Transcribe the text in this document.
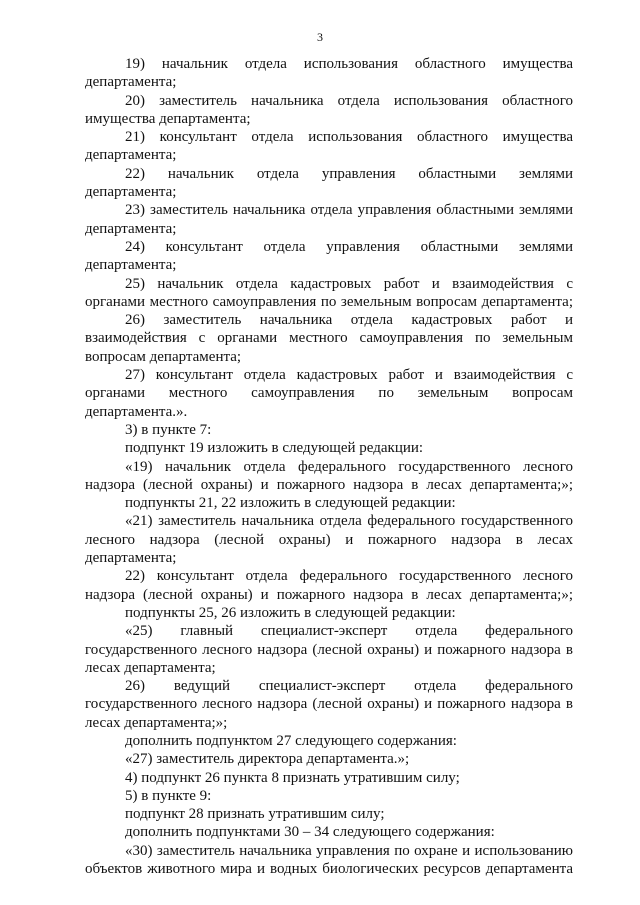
3
19) начальник отдела использования областного имущества
департамента;
20) заместитель начальника отдела использования областного
имущества департамента;
21) консультант отдела использования областного имущества
департамента;
22) начальник отдела управления областными землями
департамента;
23) заместитель начальника отдела управления областными землями
департамента;
24) консультант отдела управления областными землями
департамента;
25) начальник отдела кадастровых работ и взаимодействия с
органами местного самоуправления по земельным вопросам департамента;
26) заместитель начальника отдела кадастровых работ и
взаимодействия с органами местного самоуправления по земельным
вопросам департамента;
27) консультант отдела кадастровых работ и взаимодействия с
органами местного самоуправления по земельным вопросам
департамента.».
3) в пункте 7:
подпункт 19 изложить в следующей редакции:
«19) начальник отдела федерального государственного лесного
надзора (лесной охраны) и пожарного надзора в лесах департамента;»;
подпункты 21, 22 изложить в следующей редакции:
«21) заместитель начальника отдела федерального государственного
лесного надзора (лесной охраны) и пожарного надзора в лесах
департамента;
22) консультант отдела федерального государственного лесного
надзора (лесной охраны) и пожарного надзора в лесах департамента;»;
подпункты 25, 26 изложить в следующей редакции:
«25) главный специалист-эксперт отдела федерального
государственного лесного надзора (лесной охраны) и пожарного надзора в
лесах департамента;
26) ведущий специалист-эксперт отдела федерального
государственного лесного надзора (лесной охраны) и пожарного надзора в
лесах департамента;»;
дополнить подпунктом 27 следующего содержания:
«27) заместитель директора департамента.»;
4) подпункт 26 пункта 8 признать утратившим силу;
5) в пункте 9:
подпункт 28 признать утратившим силу;
дополнить подпунктами 30 – 34 следующего содержания:
«30) заместитель начальника управления по охране и использованию
объектов животного мира и водных биологических ресурсов департамента
